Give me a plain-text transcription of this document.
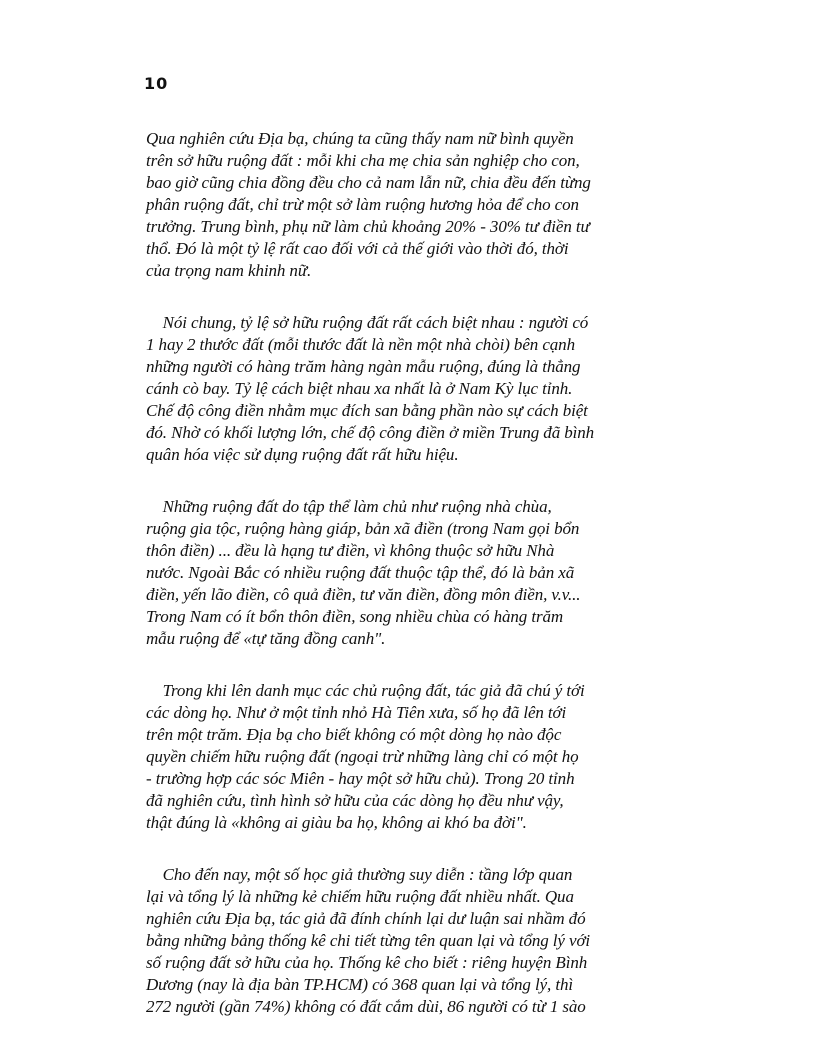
10
Qua nghiên cứu Địa bạ, chúng ta cũng thấy nam nữ bình quyền
trên sở hữu ruộng đất : mỗi khi cha mẹ chia sản nghiệp cho con,
bao giờ cũng chia đồng đều cho cả nam lẫn nữ, chia đều đến từng
phân ruộng đất, chỉ trừ một sở làm ruộng hương hỏa để cho con
trưởng. Trung bình, phụ nữ làm chủ khoảng 20% - 30% tư điền tư
thổ. Đó là một tỷ lệ rất cao đối với cả thế giới vào thời đó, thời
của trọng nam khinh nữ.
Nói chung, tỷ lệ sở hữu ruộng đất rất cách biệt nhau : người có
1 hay 2 thước đất (mỗi thước đất là nền một nhà chòi) bên cạnh
những người có hàng trăm hàng ngàn mẫu ruộng, đúng là thẳng
cánh cò bay. Tỷ lệ cách biệt nhau xa nhất là ở Nam Kỳ lục tỉnh.
Chế độ công điền nhằm mục đích san bằng phần nào sự cách biệt
đó. Nhờ có khối lượng lớn, chế độ công điền ở miền Trung đã bình
quân hóa việc sử dụng ruộng đất rất hữu hiệu.
Những ruộng đất do tập thể làm chủ như ruộng nhà chùa,
ruộng gia tộc, ruộng hàng giáp, bản xã điền (trong Nam gọi bổn
thôn điền) ... đều là hạng tư điền, vì không thuộc sở hữu Nhà
nước. Ngoài Bắc có nhiều ruộng đất thuộc tập thể, đó là bản xã
điền, yến lão điền, cô quả điền, tư văn điền, đồng môn điền, v.v...
Trong Nam có ít bổn thôn điền, song nhiều chùa có hàng trăm
mẫu ruộng để «tự tăng đồng canh".
Trong khi lên danh mục các chủ ruộng đất, tác giả đã chú ý tới
các dòng họ. Như ở một tỉnh nhỏ Hà Tiên xưa, số họ đã lên tới
trên một trăm. Địa bạ cho biết không có một dòng họ nào độc
quyền chiếm hữu ruộng đất (ngoại trừ những làng chỉ có một họ
- trường hợp các sóc Miên - hay một sở hữu chủ). Trong 20 tỉnh
đã nghiên cứu, tình hình sở hữu của các dòng họ đều như vậy,
thật đúng là «không ai giàu ba họ, không ai khó ba đời".
Cho đến nay, một số học giả thường suy diễn : tầng lớp quan
lại và tổng lý là những kẻ chiếm hữu ruộng đất nhiều nhất. Qua
nghiên cứu Địa bạ, tác giả đã đính chính lại dư luận sai nhầm đó
bằng những bảng thống kê chi tiết từng tên quan lại và tổng lý với
số ruộng đất sở hữu của họ. Thống kê cho biết : riêng huyện Bình
Dương (nay là địa bàn TP.HCM) có 368 quan lại và tổng lý, thì
272 người (gần 74%) không có đất cắm dùi, 86 người có từ 1 sào
